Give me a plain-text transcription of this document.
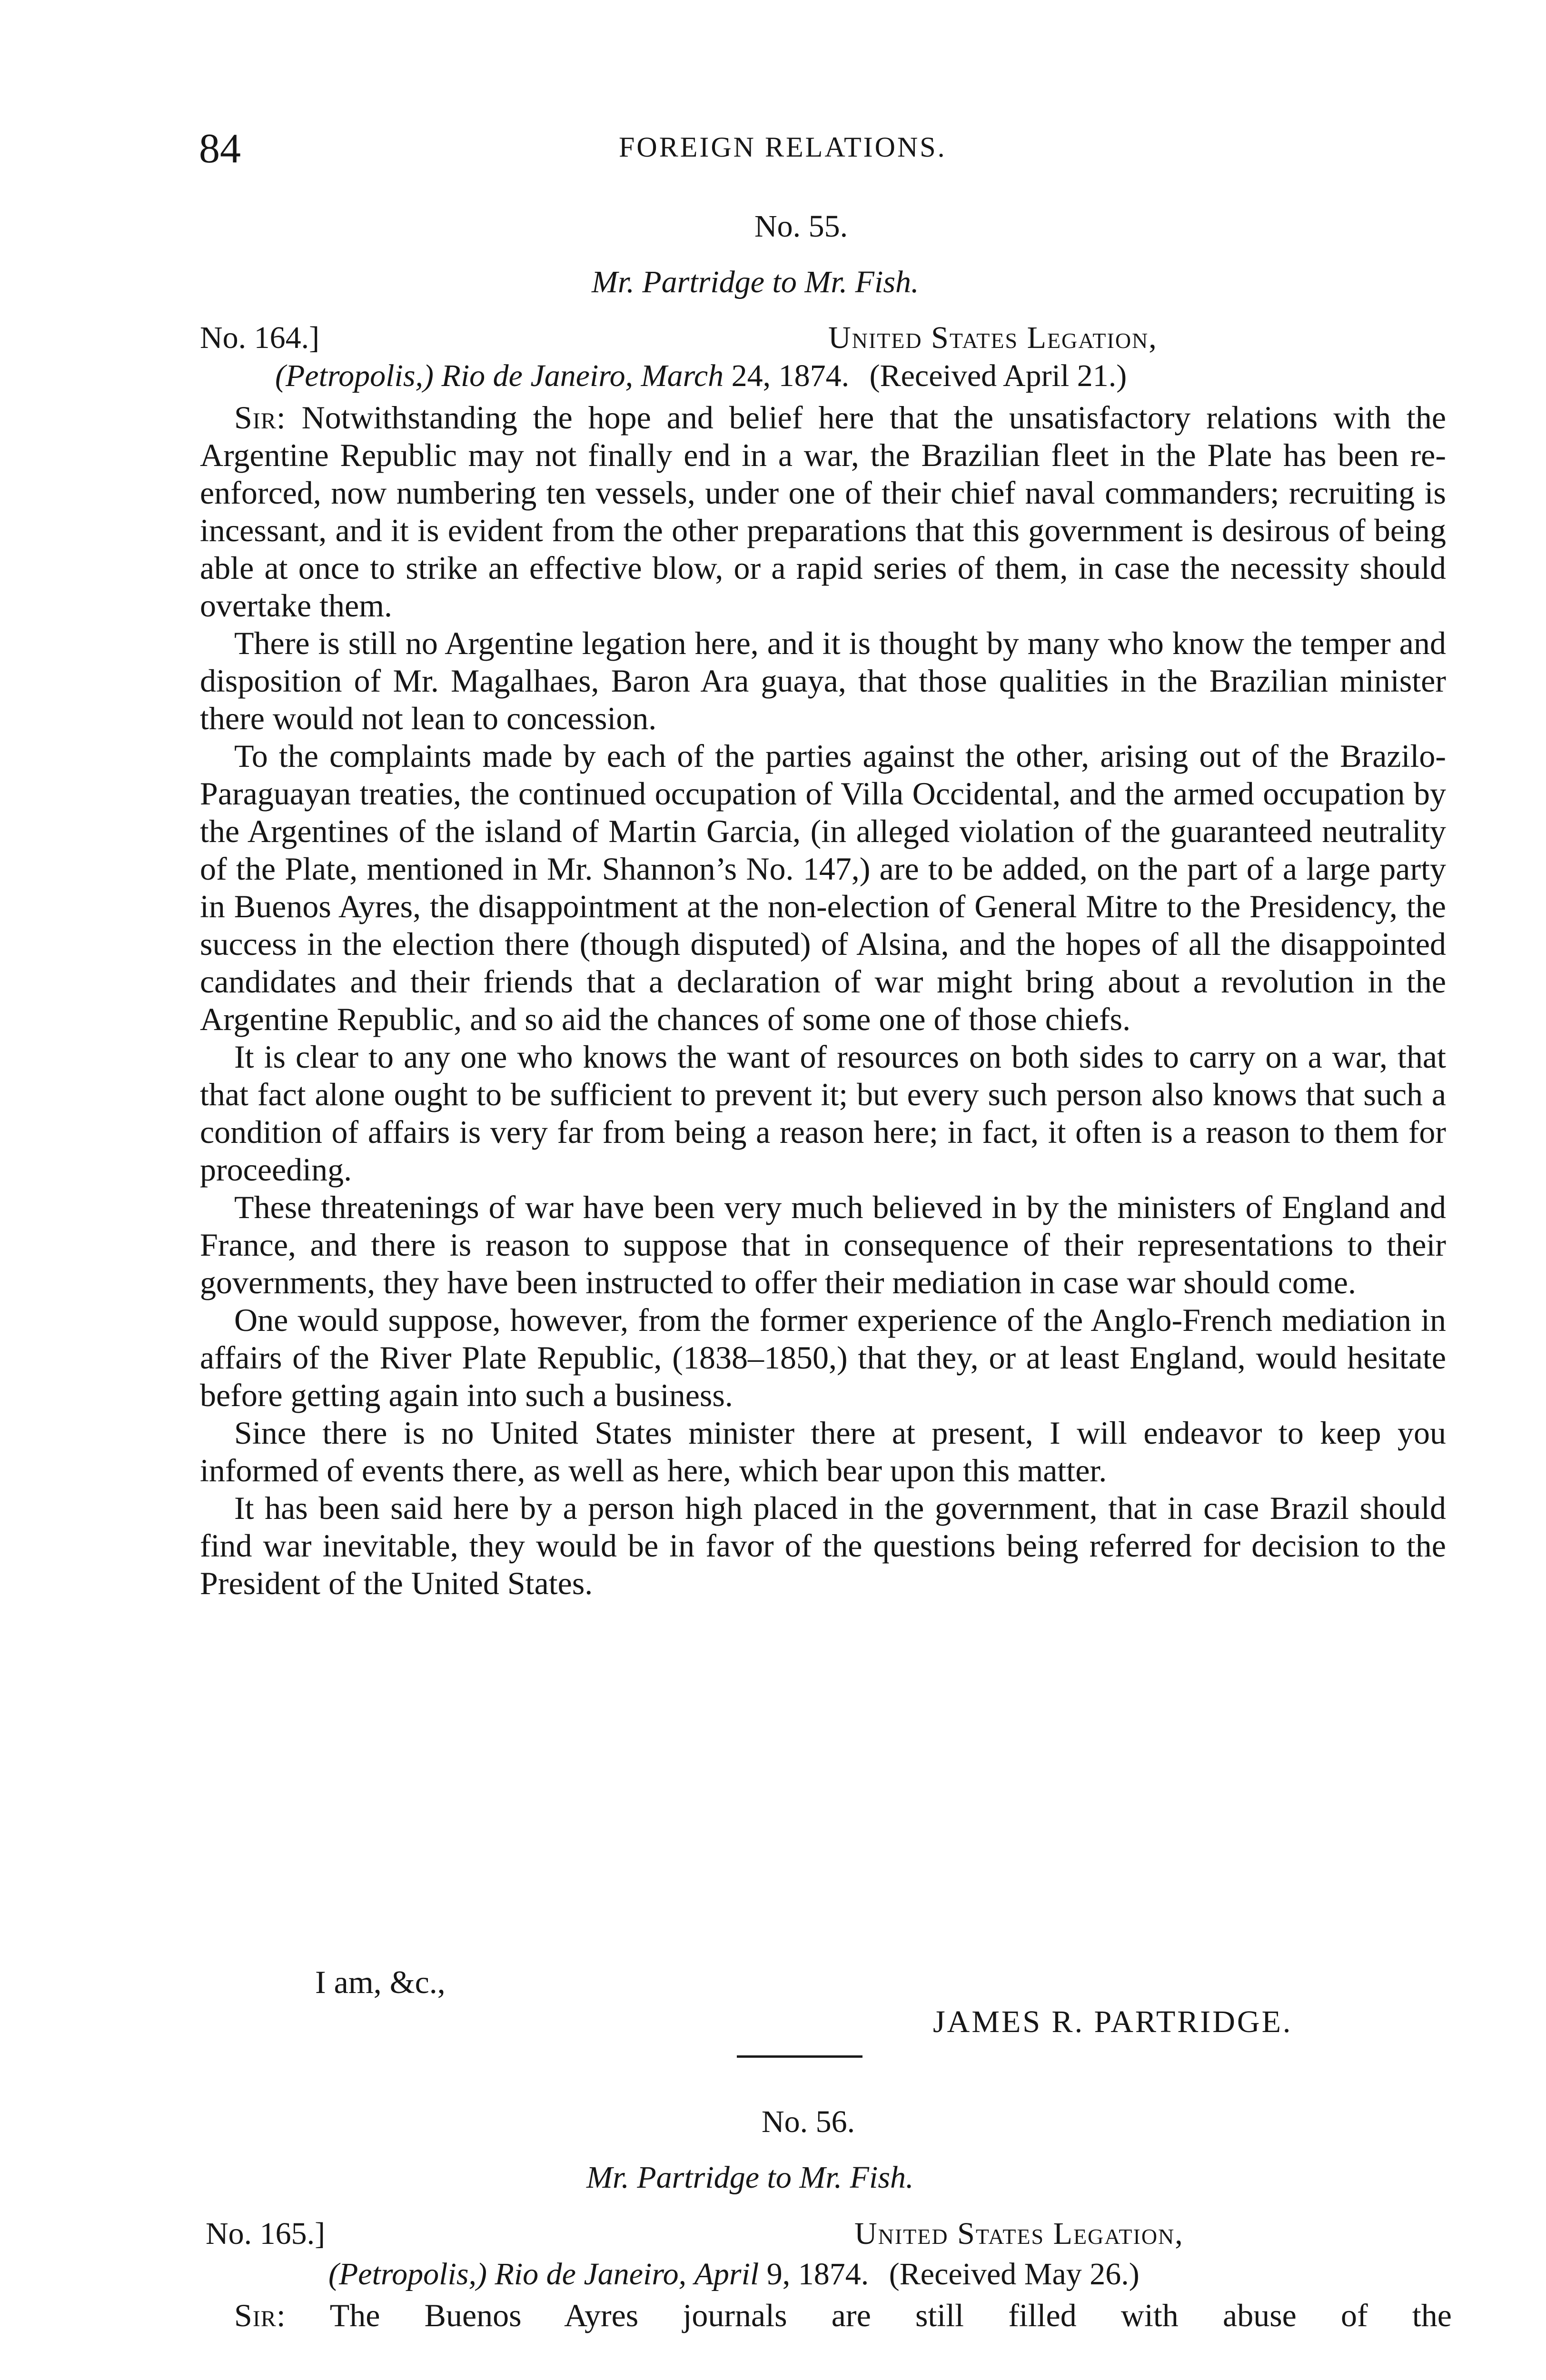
84	FOREIGN RELATIONS.
No. 55.
Mr. Partridge to Mr. Fish.
No. 164.]	United States Legation,
(Petropolis,) Rio de Janeiro, March 24, 1874. (Received April 21.)

Sir: Notwithstanding the hope and belief here that the unsatisfactory relations with the Argentine Republic may not finally end in a war, the Brazilian fleet in the Plate has been re-enforced, now numbering ten vessels, under one of their chief naval commanders; recruiting is incessant, and it is evident from the other preparations that this government is desirous of being able at once to strike an effective blow, or a rapid series of them, in case the necessity should overtake them.

There is still no Argentine legation here, and it is thought by many who know the temper and disposition of Mr. Magalhaes, Baron Ara guaya, that those qualities in the Brazilian minister there would not lean to concession.

To the complaints made by each of the parties against the other, arising out of the Brazilo-Paraguayan treaties, the continued occupation of Villa Occidental, and the armed occupation by the Argentines of the island of Martin Garcia, (in alleged violation of the guaranteed neutrality of the Plate, mentioned in Mr. Shannon’s No. 147,) are to be added, on the part of a large party in Buenos Ayres, the disappointment at the non-election of General Mitre to the Presidency, the success in the election there (though disputed) of Alsina, and the hopes of all the disappointed candidates and their friends that a declaration of war might bring about a revolution in the Argentine Republic, and so aid the chances of some one of those chiefs.

It is clear to any one who knows the want of resources on both sides to carry on a war, that that fact alone ought to be sufficient to prevent it; but every such person also knows that such a condition of affairs is very far from being a reason here; in fact, it often is a reason to them for proceeding.

These threatenings of war have been very much believed in by the ministers of England and France, and there is reason to suppose that in consequence of their representations to their governments, they have been instructed to offer their mediation in case war should come.

One would suppose, however, from the former experience of the Anglo-French mediation in affairs of the River Plate Republic, (1838–1850,) that they, or at least England, would hesitate before getting again into such a business.

Since there is no United States minister there at present, I will endeavor to keep you informed of events there, as well as here, which bear upon this matter.

It has been said here by a person high placed in the government, that in case Brazil should find war inevitable, they would be in favor of the questions being referred for decision to the President of the United States.

I am, &c.,
JAMES R. PARTRIDGE.
No. 56.
Mr. Partridge to Mr. Fish.
No. 165.]	United States Legation,
(Petropolis,) Rio de Janeiro, April 9, 1874. (Received May 26.)

Sir: The Buenos Ayres journals are still filled with abuse of the
